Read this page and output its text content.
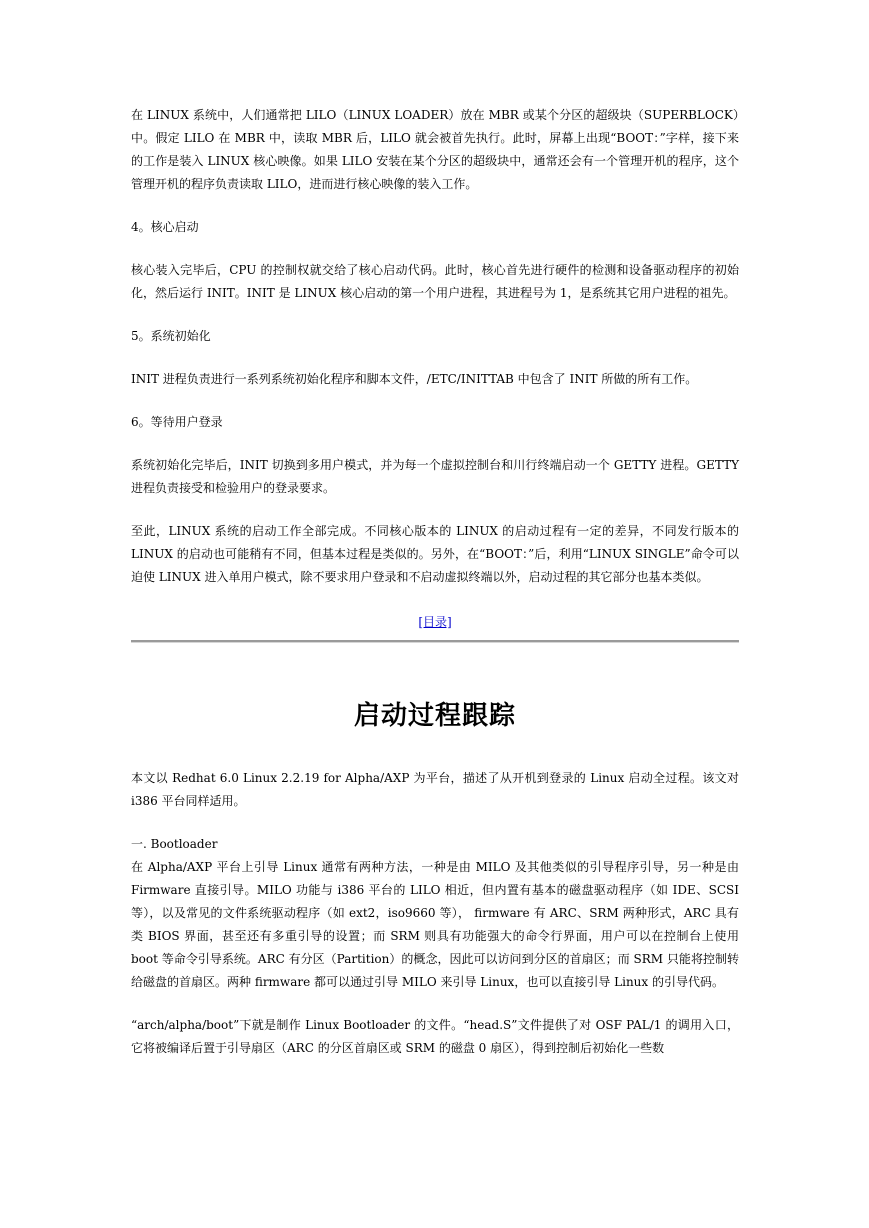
在 LINUX 系统中，人们通常把 LILO（LINUX LOADER）放在 MBR 或某个分区的超级块（SUPERBLOCK）中。假定 LILO 在 MBR 中，读取 MBR 后，LILO 就会被首先执行。此时，屏幕上出现“BOOT：”字样，接下来的工作是装入 LINUX 核心映像。如果 LILO 安装在某个分区的超级块中，通常还会有一个管理开机的程序，这个管理开机的程序负责读取 LILO，进而进行核心映像的装入工作。

4。核心启动

核心装入完毕后，CPU 的控制权就交给了核心启动代码。此时，核心首先进行硬件的检测和设备驱动程序的初始化，然后运行 INIT。INIT 是 LINUX 核心启动的第一个用户进程，其进程号为 1，是系统其它用户进程的祖先。

5。系统初始化

INIT 进程负责进行一系列系统初始化程序和脚本文件，/ETC/INITTAB 中包含了 INIT 所做的所有工作。

6。等待用户登录

系统初始化完毕后，INIT 切换到多用户模式，并为每一个虚拟控制台和川行终端启动一个 GETTY 进程。GETTY 进程负责接受和检验用户的登录要求。

至此，LINUX 系统的启动工作全部完成。不同核心版本的 LINUX 的启动过程有一定的差异，不同发行版本的 LINUX 的启动也可能稍有不同，但基本过程是类似的。另外，在“BOOT：”后，利用“LINUX SINGLE”命令可以迫使 LINUX 进入单用户模式，除不要求用户登录和不启动虚拟终端以外，启动过程的其它部分也基本类似。

[目录]
启动过程跟踪

本文以 Redhat 6.0 Linux 2.2.19 for Alpha/AXP 为平台，描述了从开机到登录的 Linux 启动全过程。该文对 i386 平台同样适用。

一. Bootloader

在 Alpha/AXP 平台上引导 Linux 通常有两种方法，一种是由 MILO 及其他类似的引导程序引导，另一种是由 Firmware 直接引导。MILO 功能与 i386 平台的 LILO 相近，但内置有基本的磁盘驱动程序（如 IDE、SCSI 等），以及常见的文件系统驱动程序（如 ext2，iso9660 等）， firmware 有 ARC、SRM 两种形式，ARC 具有类 BIOS 界面，甚至还有多重引导的设置；而 SRM 则具有功能强大的命令行界面，用户可以在控制台上使用 boot 等命令引导系统。ARC 有分区（Partition）的概念，因此可以访问到分区的首扇区；而 SRM 只能将控制转给磁盘的首扇区。两种 firmware 都可以通过引导 MILO 来引导 Linux，也可以直接引导 Linux 的引导代码。

“arch/alpha/boot”下就是制作 Linux Bootloader 的文件。“head.S”文件提供了对 OSF PAL/1 的调用入口，它将被编译后置于引导扇区（ARC 的分区首扇区或 SRM 的磁盘 0 扇区），得到控制后初始化一些数
